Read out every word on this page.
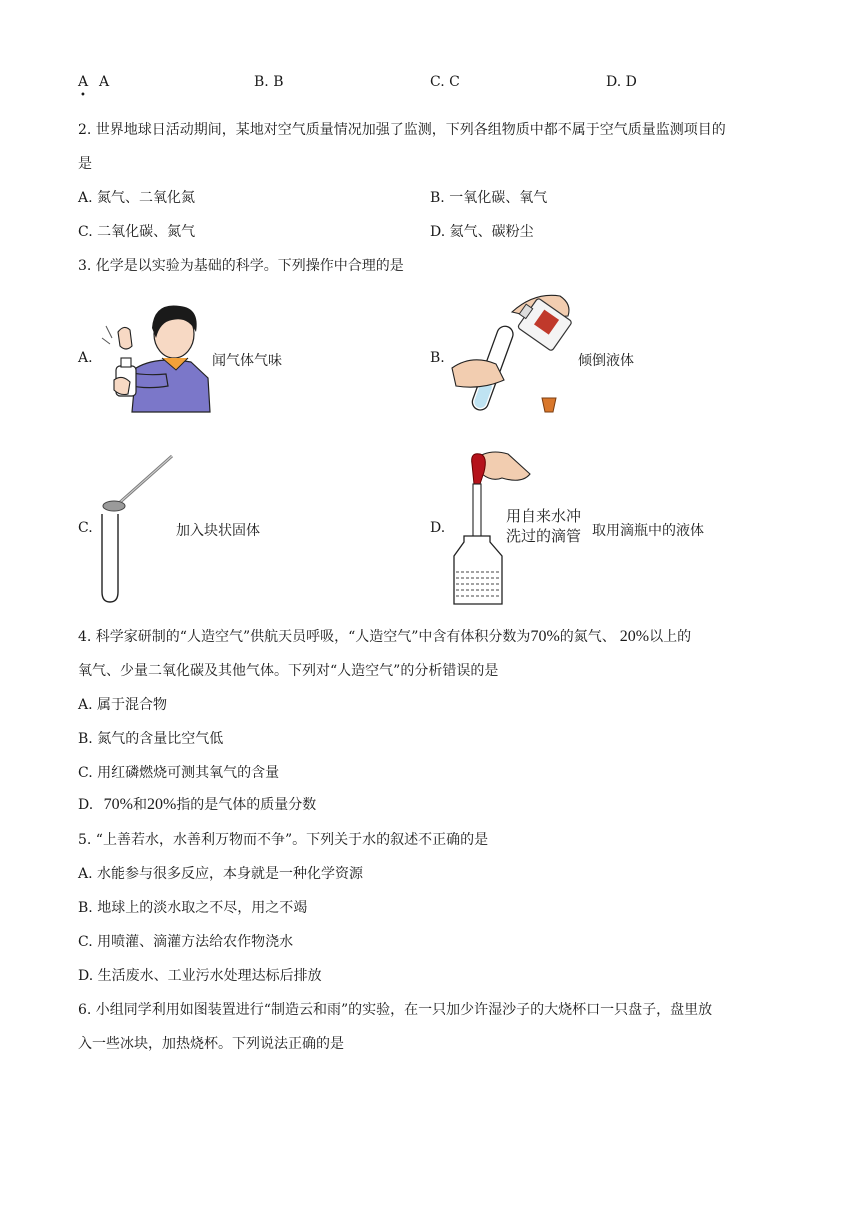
A
•
A	B. B	C. C	D. D
2. 世界地球日活动期间，某地对空气质量情况加强了监测，下列各组物质中都不属于空气质量监测项目的
是
A. 氮气、二氧化氮	B. 一氧化碳、氧气
C. 二氧化碳、氮气	D. 氦气、碳粉尘
3. 化学是以实验为基础的科学。下列操作中合理的是
A.	闻气体气味	B.	倾倒液体
C.	加入块状固体	D.
用自来水冲
洗过的滴管 取用滴瓶中的液体
4. 科学家研制的“人造空气”供航天员呼吸，“人造空气”中含有体积分数为70%的氮气、 20%以上的
氧气、少量二氧化碳及其他气体。下列对“人造空气”的分析错误的是
A. 属于混合物
B. 氮气的含量比空气低
C. 用红磷燃烧可测其氧气的含量
D. 70%和20%指的是气体的质量分数
5. “上善若水，水善利万物而不争”。下列关于水的叙述不正确的是
A. 水能参与很多反应，本身就是一种化学资源
B. 地球上的淡水取之不尽，用之不竭
C. 用喷灌、滴灌方法给农作物浇水
D. 生活废水、工业污水处理达标后排放
6. 小组同学利用如图装置进行“制造云和雨”的实验，在一只加少许湿沙子的大烧杯口一只盘子，盘里放
入一些冰块，加热烧杯。下列说法正确的是
